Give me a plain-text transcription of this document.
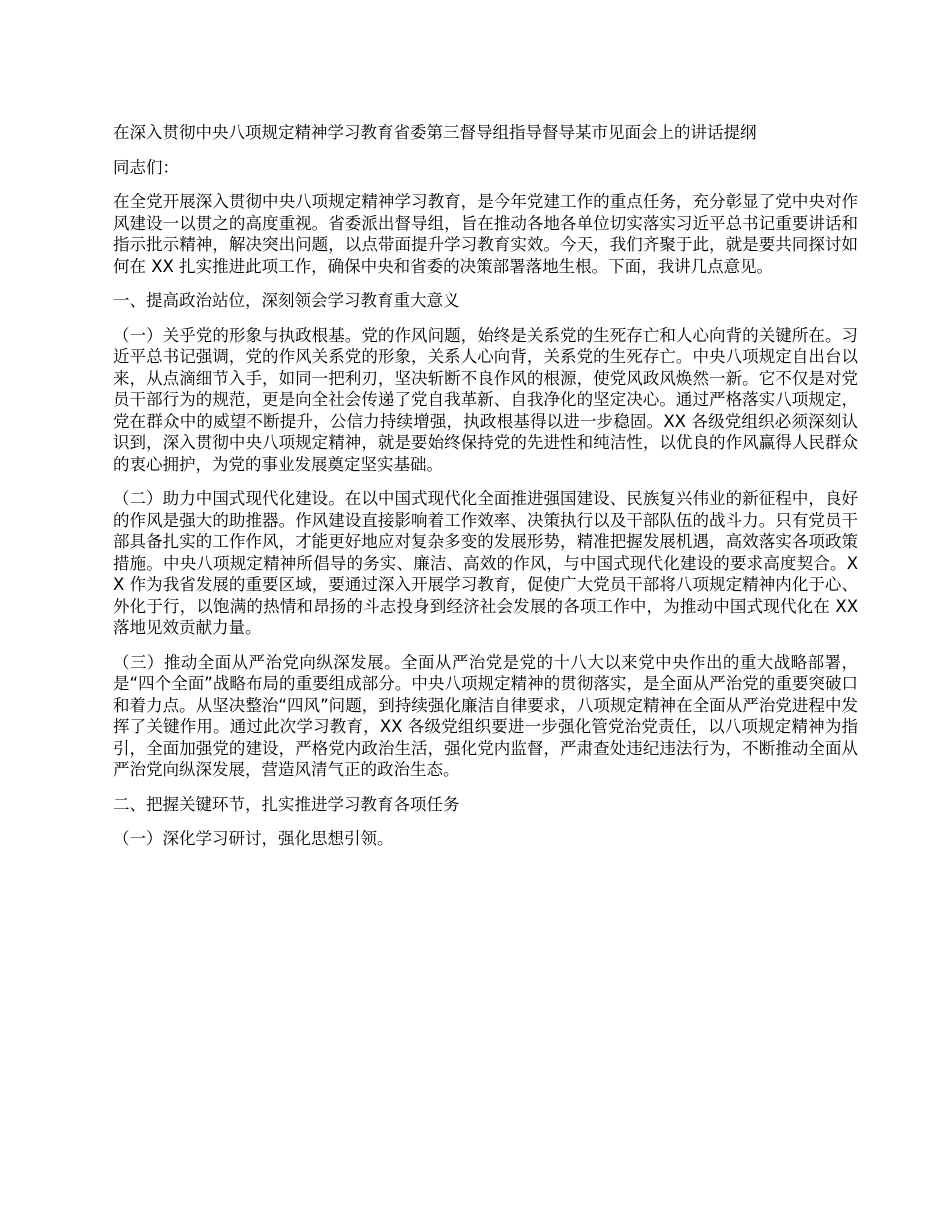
在深入贯彻中央八项规定精神学习教育省委第三督导组指导督导某市见面会上的讲话提纲

同志们：

在全党开展深入贯彻中央八项规定精神学习教育，是今年党建工作的重点任务，充分彰显了党中央对作风建设一以贯之的高度重视。省委派出督导组，旨在推动各地各单位切实落实习近平总书记重要讲话和指示批示精神，解决突出问题，以点带面提升学习教育实效。今天，我们齐聚于此，就是要共同探讨如何在 XX 扎实推进此项工作，确保中央和省委的决策部署落地生根。下面，我讲几点意见。

一、提高政治站位，深刻领会学习教育重大意义

（一）关乎党的形象与执政根基。党的作风问题，始终是关系党的生死存亡和人心向背的关键所在。习近平总书记强调，党的作风关系党的形象，关系人心向背，关系党的生死存亡。中央八项规定自出台以来，从点滴细节入手，如同一把利刃，坚决斩断不良作风的根源，使党风政风焕然一新。它不仅是对党员干部行为的规范，更是向全社会传递了党自我革新、自我净化的坚定决心。通过严格落实八项规定，党在群众中的威望不断提升，公信力持续增强，执政根基得以进一步稳固。XX 各级党组织必须深刻认识到，深入贯彻中央八项规定精神，就是要始终保持党的先进性和纯洁性，以优良的作风赢得人民群众的衷心拥护，为党的事业发展奠定坚实基础。

（二）助力中国式现代化建设。在以中国式现代化全面推进强国建设、民族复兴伟业的新征程中，良好的作风是强大的助推器。作风建设直接影响着工作效率、决策执行以及干部队伍的战斗力。只有党员干部具备扎实的工作作风，才能更好地应对复杂多变的发展形势，精准把握发展机遇，高效落实各项政策措施。中央八项规定精神所倡导的务实、廉洁、高效的作风，与中国式现代化建设的要求高度契合。XX 作为我省发展的重要区域，要通过深入开展学习教育，促使广大党员干部将八项规定精神内化于心、外化于行，以饱满的热情和昂扬的斗志投身到经济社会发展的各项工作中，为推动中国式现代化在 XX 落地见效贡献力量。

（三）推动全面从严治党向纵深发展。全面从严治党是党的十八大以来党中央作出的重大战略部署，是“四个全面”战略布局的重要组成部分。中央八项规定精神的贯彻落实，是全面从严治党的重要突破口和着力点。从坚决整治“四风”问题，到持续强化廉洁自律要求，八项规定精神在全面从严治党进程中发挥了关键作用。通过此次学习教育，XX 各级党组织要进一步强化管党治党责任，以八项规定精神为指引，全面加强党的建设，严格党内政治生活，强化党内监督，严肃查处违纪违法行为，不断推动全面从严治党向纵深发展，营造风清气正的政治生态。

二、把握关键环节，扎实推进学习教育各项任务

（一）深化学习研讨，强化思想引领。
